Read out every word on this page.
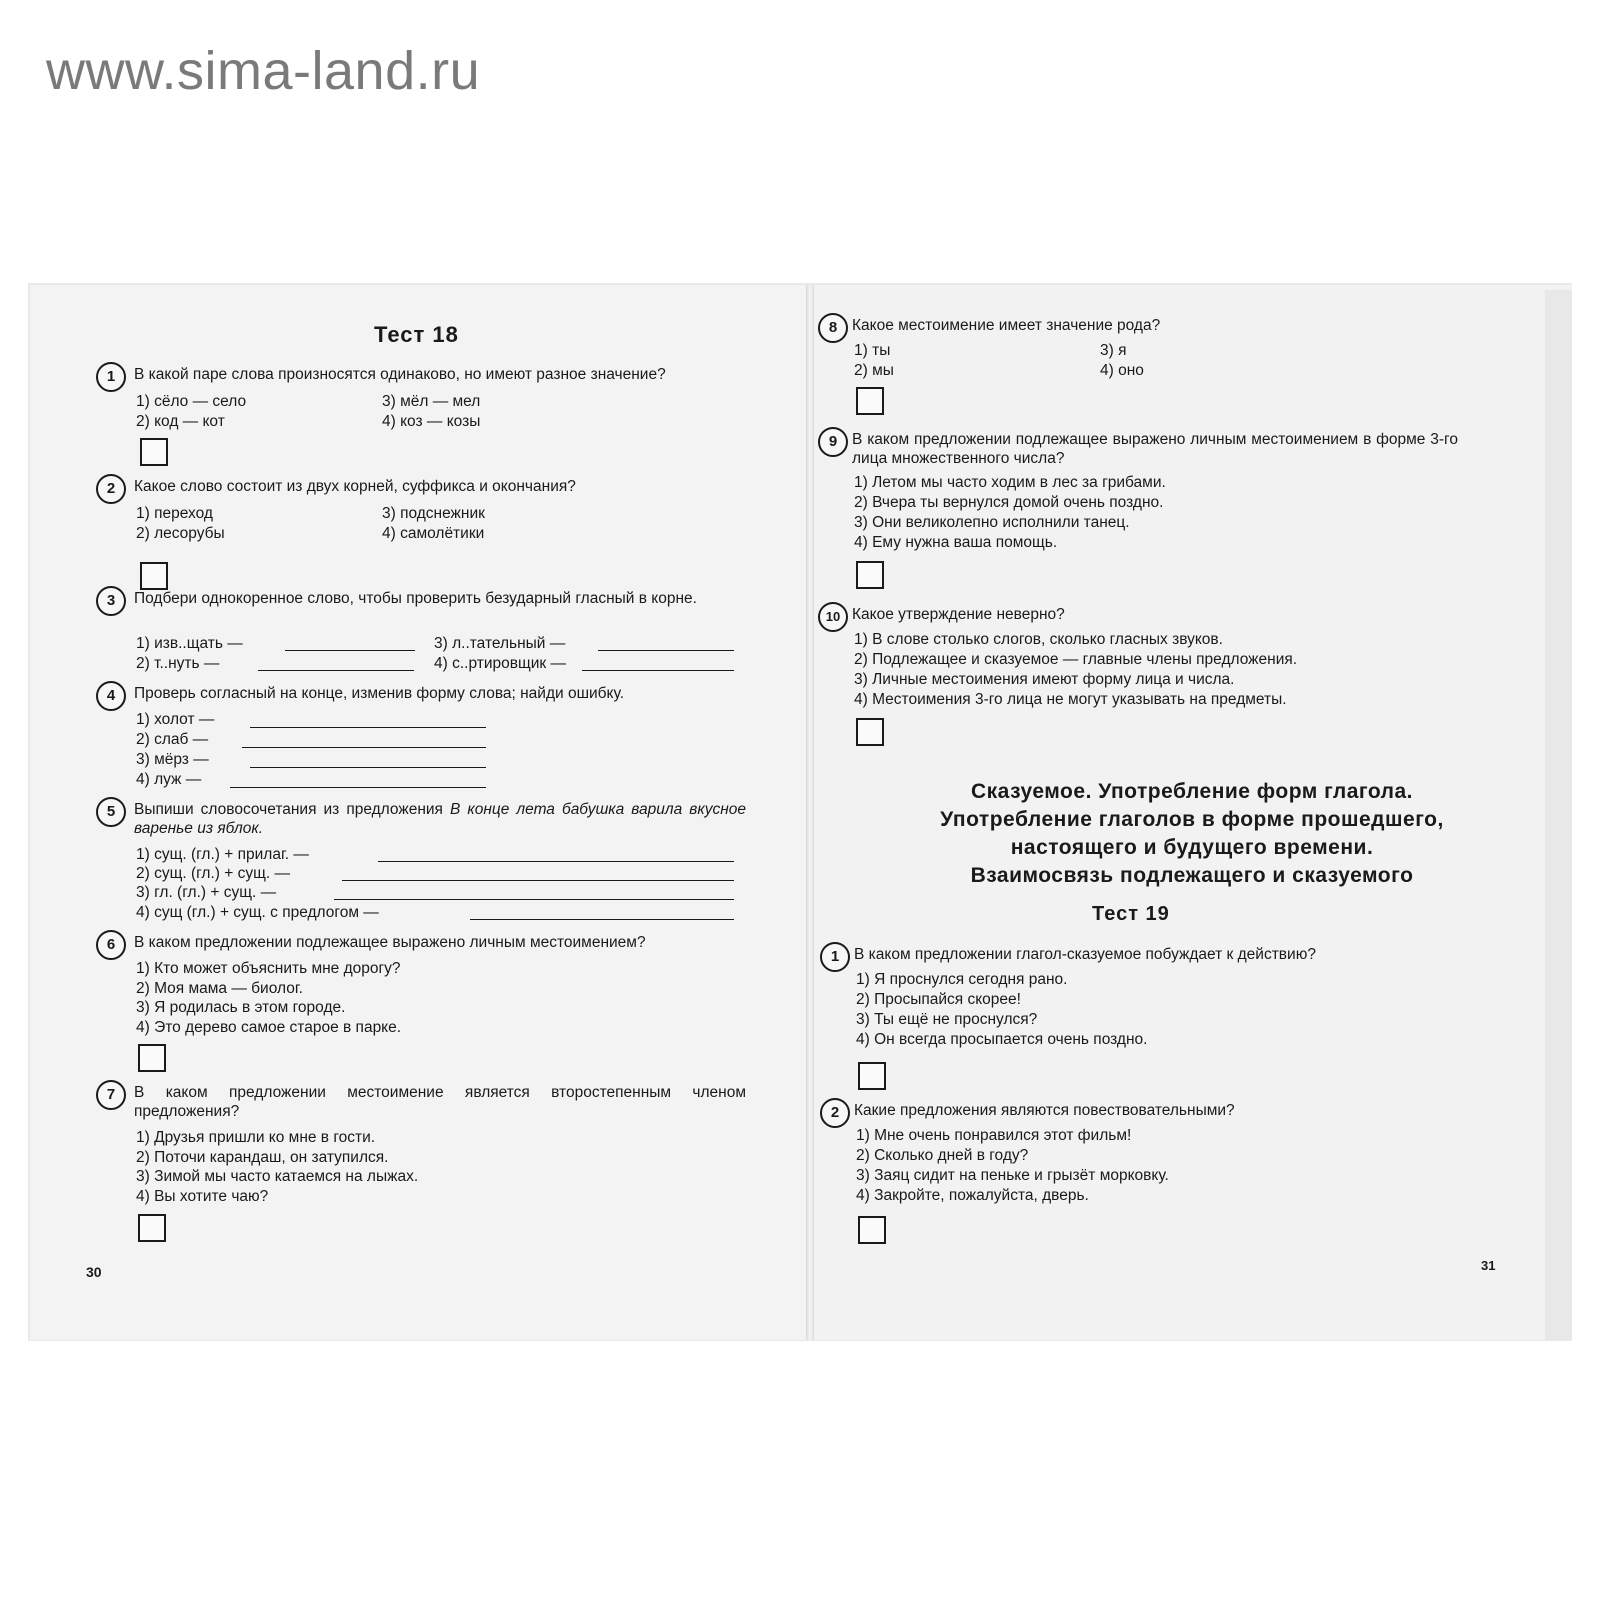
www.sima-land.ru
Тест 18
1	В какой паре слова произносятся одинаково, но имеют разное значение?
1) сёло — село	3) мёл — мел
2) код — кот	4) коз — козы
2	Какое слово состоит из двух корней, суффикса и окончания?
1) переход	3) подснежник
2) лесорубы	4) самолётики
3	Подбери однокоренное слово, чтобы проверить безударный гласный в корне.
1) изв..щать —	3) л..тательный —
2) т..нуть —	4) с..ртировщик —
4	Проверь согласный на конце, изменив форму слова; найди ошибку.
1) холот —
2) слаб —
3) мёрз —
4) луж —
5	Выпиши словосочетания из предложения В конце лета бабушка варила вкусное варенье из яблок.
1) сущ. (гл.) + прилаг. —
2) сущ. (гл.) + сущ. —
3) гл. (гл.) + сущ. —
4) сущ (гл.) + сущ. с предлогом —
6	В каком предложении подлежащее выражено личным местоимением?
1) Кто может объяснить мне дорогу?
2) Моя мама — биолог.
3) Я родилась в этом городе.
4) Это дерево самое старое в парке.
7	В каком предложении местоимение является второстепенным членом предложения?
1) Друзья пришли ко мне в гости.
2) Поточи карандаш, он затупился.
3) Зимой мы часто катаемся на лыжах.
4) Вы хотите чаю?
30
8 Какое местоимение имеет значение рода?
1) ты	3) я
2) мы	4) оно
9 В каком предложении подлежащее выражено личным местоимением в форме 3-го лица множественного числа?
1) Летом мы часто ходим в лес за грибами.
2) Вчера ты вернулся домой очень поздно.
3) Они великолепно исполнили танец.
4) Ему нужна ваша помощь.
10 Какое утверждение неверно?
1) В слове столько слогов, сколько гласных звуков.
2) Подлежащее и сказуемое — главные члены предложения.
3) Личные местоимения имеют форму лица и числа.
4) Местоимения 3-го лица не могут указывать на предметы.
Сказуемое. Употребление форм глагола.
Употребление глаголов в форме прошедшего,
настоящего и будущего времени.
Взаимосвязь подлежащего и сказуемого
Тест 19
1 В каком предложении глагол-сказуемое побуждает к действию?
1) Я проснулся сегодня рано.
2) Просыпайся скорее!
3) Ты ещё не проснулся?
4) Он всегда просыпается очень поздно.
2 Какие предложения являются повествовательными?
1) Мне очень понравился этот фильм!
2) Сколько дней в году?
3) Заяц сидит на пеньке и грызёт морковку.
4) Закройте, пожалуйста, дверь.
31
